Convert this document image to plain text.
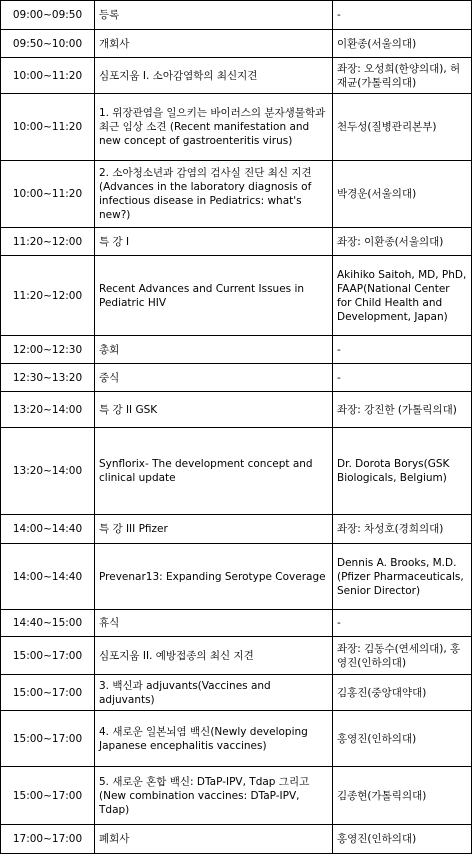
09:00~09:50	등록	-
09:50~10:00	개회사	이환종(서울의대)
10:00~11:20	심포지움 I. 소아감염학의 최신지견	좌장: 오성희(한양의대), 허재균(가톨릭의대)
10:00~11:20	1. 위장관염을 일으키는 바이러스의 분자생물학과 최근 임상 소견 (Recent manifestation and new concept of gastroenteritis virus)	천두성(질병관리본부)
10:00~11:20	2. 소아청소년과 감염의 검사실 진단 최신 지견(Advances in the laboratory diagnosis of infectious disease in Pediatrics: what's new?)	박경운(서울의대)
11:20~12:00	특 강 I	좌장: 이환종(서울의대)
11:20~12:00	Recent Advances and Current Issues in Pediatric HIV	Akihiko Saitoh, MD, PhD, FAAP(National Center for Child Health and Development, Japan)
12:00~12:30	총회	-
12:30~13:20	중식	-
13:20~14:00	특 강 II GSK	좌장: 강진한 (가톨릭의대)
13:20~14:00	Synflorix- The development concept and clinical update	Dr. Dorota Borys(GSK Biologicals, Belgium)
14:00~14:40	특 강 III Pfizer	좌장: 차성호(경희의대)
14:00~14:40	Prevenar13: Expanding Serotype Coverage	Dennis A. Brooks, M.D.(Pfizer Pharmaceuticals, Senior Director)
14:40~15:00	휴식	-
15:00~17:00	심포지움 II. 예방접종의 최신 지견	좌장: 김동수(연세의대), 홍영진(인하의대)
15:00~17:00	3. 백신과 adjuvants(Vaccines and adjuvants)	김홍진(중앙대약대)
15:00~17:00	4. 새로운 일본뇌염 백신(Newly developing Japanese encephalitis vaccines)	홍영진(인하의대)
15:00~17:00	5. 새로운 혼합 백신: DTaP-IPV, Tdap 그리고(New combination vaccines: DTaP-IPV, Tdap)	김종현(가톨릭의대)
17:00~17:00	폐회사	홍영진(인하의대)
